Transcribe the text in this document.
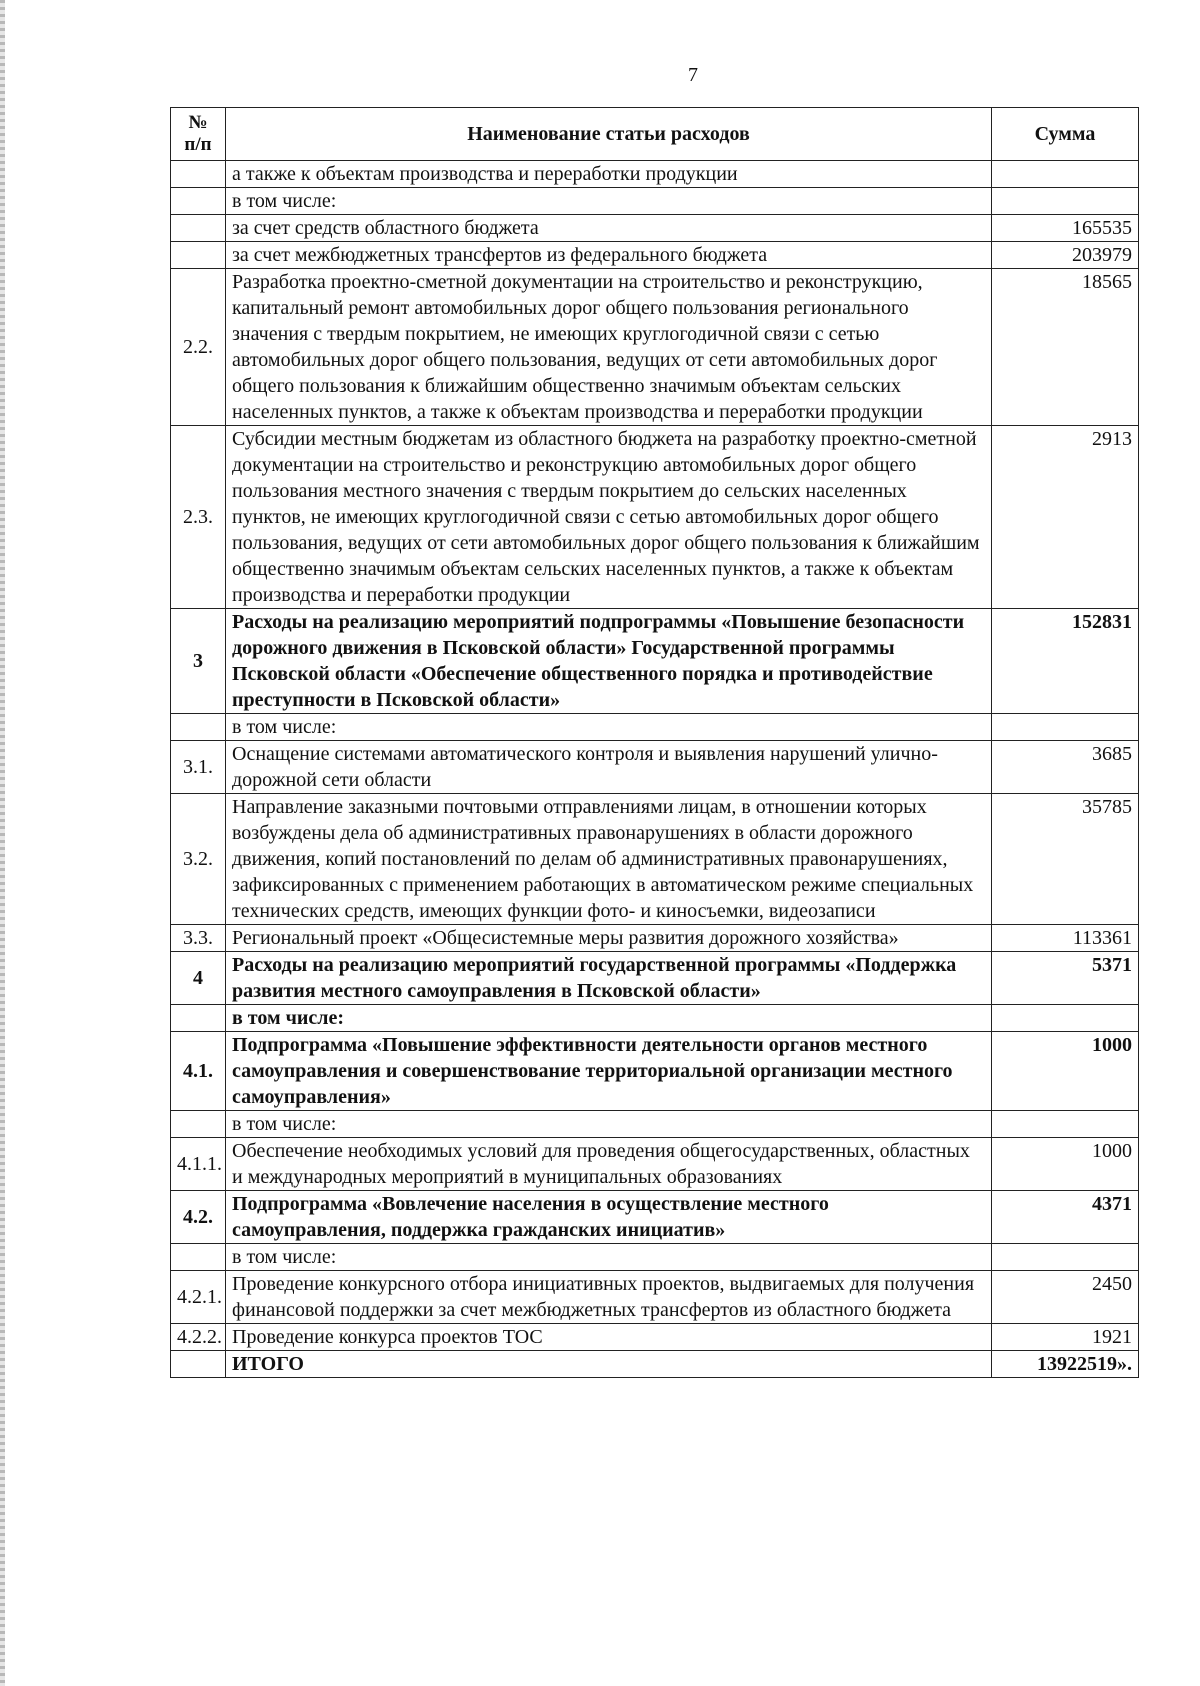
7
№
п/п	Наименование статьи расходов	Сумма
	а также к объектам производства и переработки продукции	
	в том числе:	
	за счет средств областного бюджета	165535
	за счет межбюджетных трансфертов из федерального бюджета	203979
2.2.	Разработка проектно-сметной документации на строительство и реконструкцию, капитальный ремонт автомобильных дорог общего пользования регионального значения с твердым покрытием, не имеющих круглогодичной связи с сетью автомобильных дорог общего пользования, ведущих от сети автомобильных дорог общего пользования к ближайшим общественно значимым объектам сельских населенных пунктов, а также к объектам производства и переработки продукции	18565
2.3.	Субсидии местным бюджетам из областного бюджета на разработку проектно-сметной документации на строительство и реконструкцию автомобильных дорог общего пользования местного значения с твердым покрытием до сельских населенных пунктов, не имеющих круглогодичной связи с сетью автомобильных дорог общего пользования, ведущих от сети автомобильных дорог общего пользования к ближайшим общественно значимым объектам сельских населенных пунктов, а также к объектам производства и переработки продукции	2913
3	Расходы на реализацию мероприятий подпрограммы «Повышение безопасности дорожного движения в Псковской области» Государственной программы Псковской области «Обеспечение общественного порядка и противодействие преступности в Псковской области»	152831
	в том числе:	
3.1.	Оснащение системами автоматического контроля и выявления нарушений улично-дорожной сети области	3685
3.2.	Направление заказными почтовыми отправлениями лицам, в отношении которых возбуждены дела об административных правонарушениях в области дорожного движения, копий постановлений по делам об административных правонарушениях, зафиксированных с применением работающих в автоматическом режиме специальных технических средств, имеющих функции фото- и киносъемки, видеозаписи	35785
3.3.	Региональный проект «Общесистемные меры развития дорожного хозяйства»	113361
4	Расходы на реализацию мероприятий государственной программы «Поддержка развития местного самоуправления в Псковской области»	5371
	в том числе:	
4.1.	Подпрограмма «Повышение эффективности деятельности органов местного самоуправления и совершенствование территориальной организации местного самоуправления»	1000
	в том числе:	
4.1.1.	Обеспечение необходимых условий для проведения общегосударственных, областных и международных мероприятий в муниципальных образованиях	1000
4.2.	Подпрограмма «Вовлечение населения в осуществление местного самоуправления, поддержка гражданских инициатив»	4371
	в том числе:	
4.2.1.	Проведение конкурсного отбора инициативных проектов, выдвигаемых для получения финансовой поддержки за счет межбюджетных трансфертов из областного бюджета	2450
4.2.2.	Проведение конкурса проектов ТОС	1921
	ИТОГО	13922519».
